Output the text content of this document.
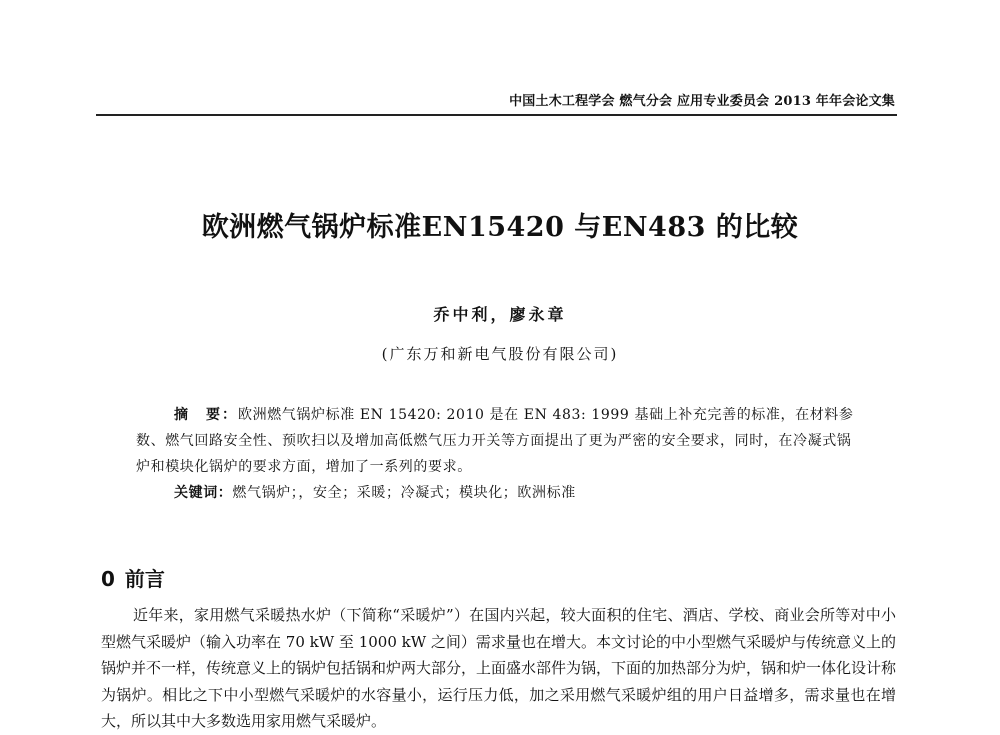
中国土木工程学会 燃气分会 应用专业委员会 2013 年年会论文集
欧洲燃气锅炉标准EN15420 与EN483 的比较
乔中利，廖永章
(广东万和新电气股份有限公司)

摘　要：欧洲燃气锅炉标准 EN 15420: 2010 是在 EN 483: 1999 基础上补充完善的标准，在材料参数、燃气回路安全性、预吹扫以及增加高低燃气压力开关等方面提出了更为严密的安全要求，同时，在冷凝式锅炉和模块化锅炉的要求方面，增加了一系列的要求。

关键词：燃气锅炉；，安全；采暖；冷凝式；模块化；欧洲标准
0 前言

近年来，家用燃气采暖热水炉（下简称“采暖炉”）在国内兴起，较大面积的住宅、酒店、学校、商业会所等对中小型燃气采暖炉（输入功率在 70 kW 至 1000 kW 之间）需求量也在增大。本文讨论的中小型燃气采暖炉与传统意义上的锅炉并不一样，传统意义上的锅炉包括锅和炉两大部分，上面盛水部件为锅，下面的加热部分为炉，锅和炉一体化设计称为锅炉。相比之下中小型燃气采暖炉的水容量小，运行压力低，加之采用燃气采暖炉组的用户日益增多，需求量也在增大，所以其中大多数选用家用燃气采暖炉。
